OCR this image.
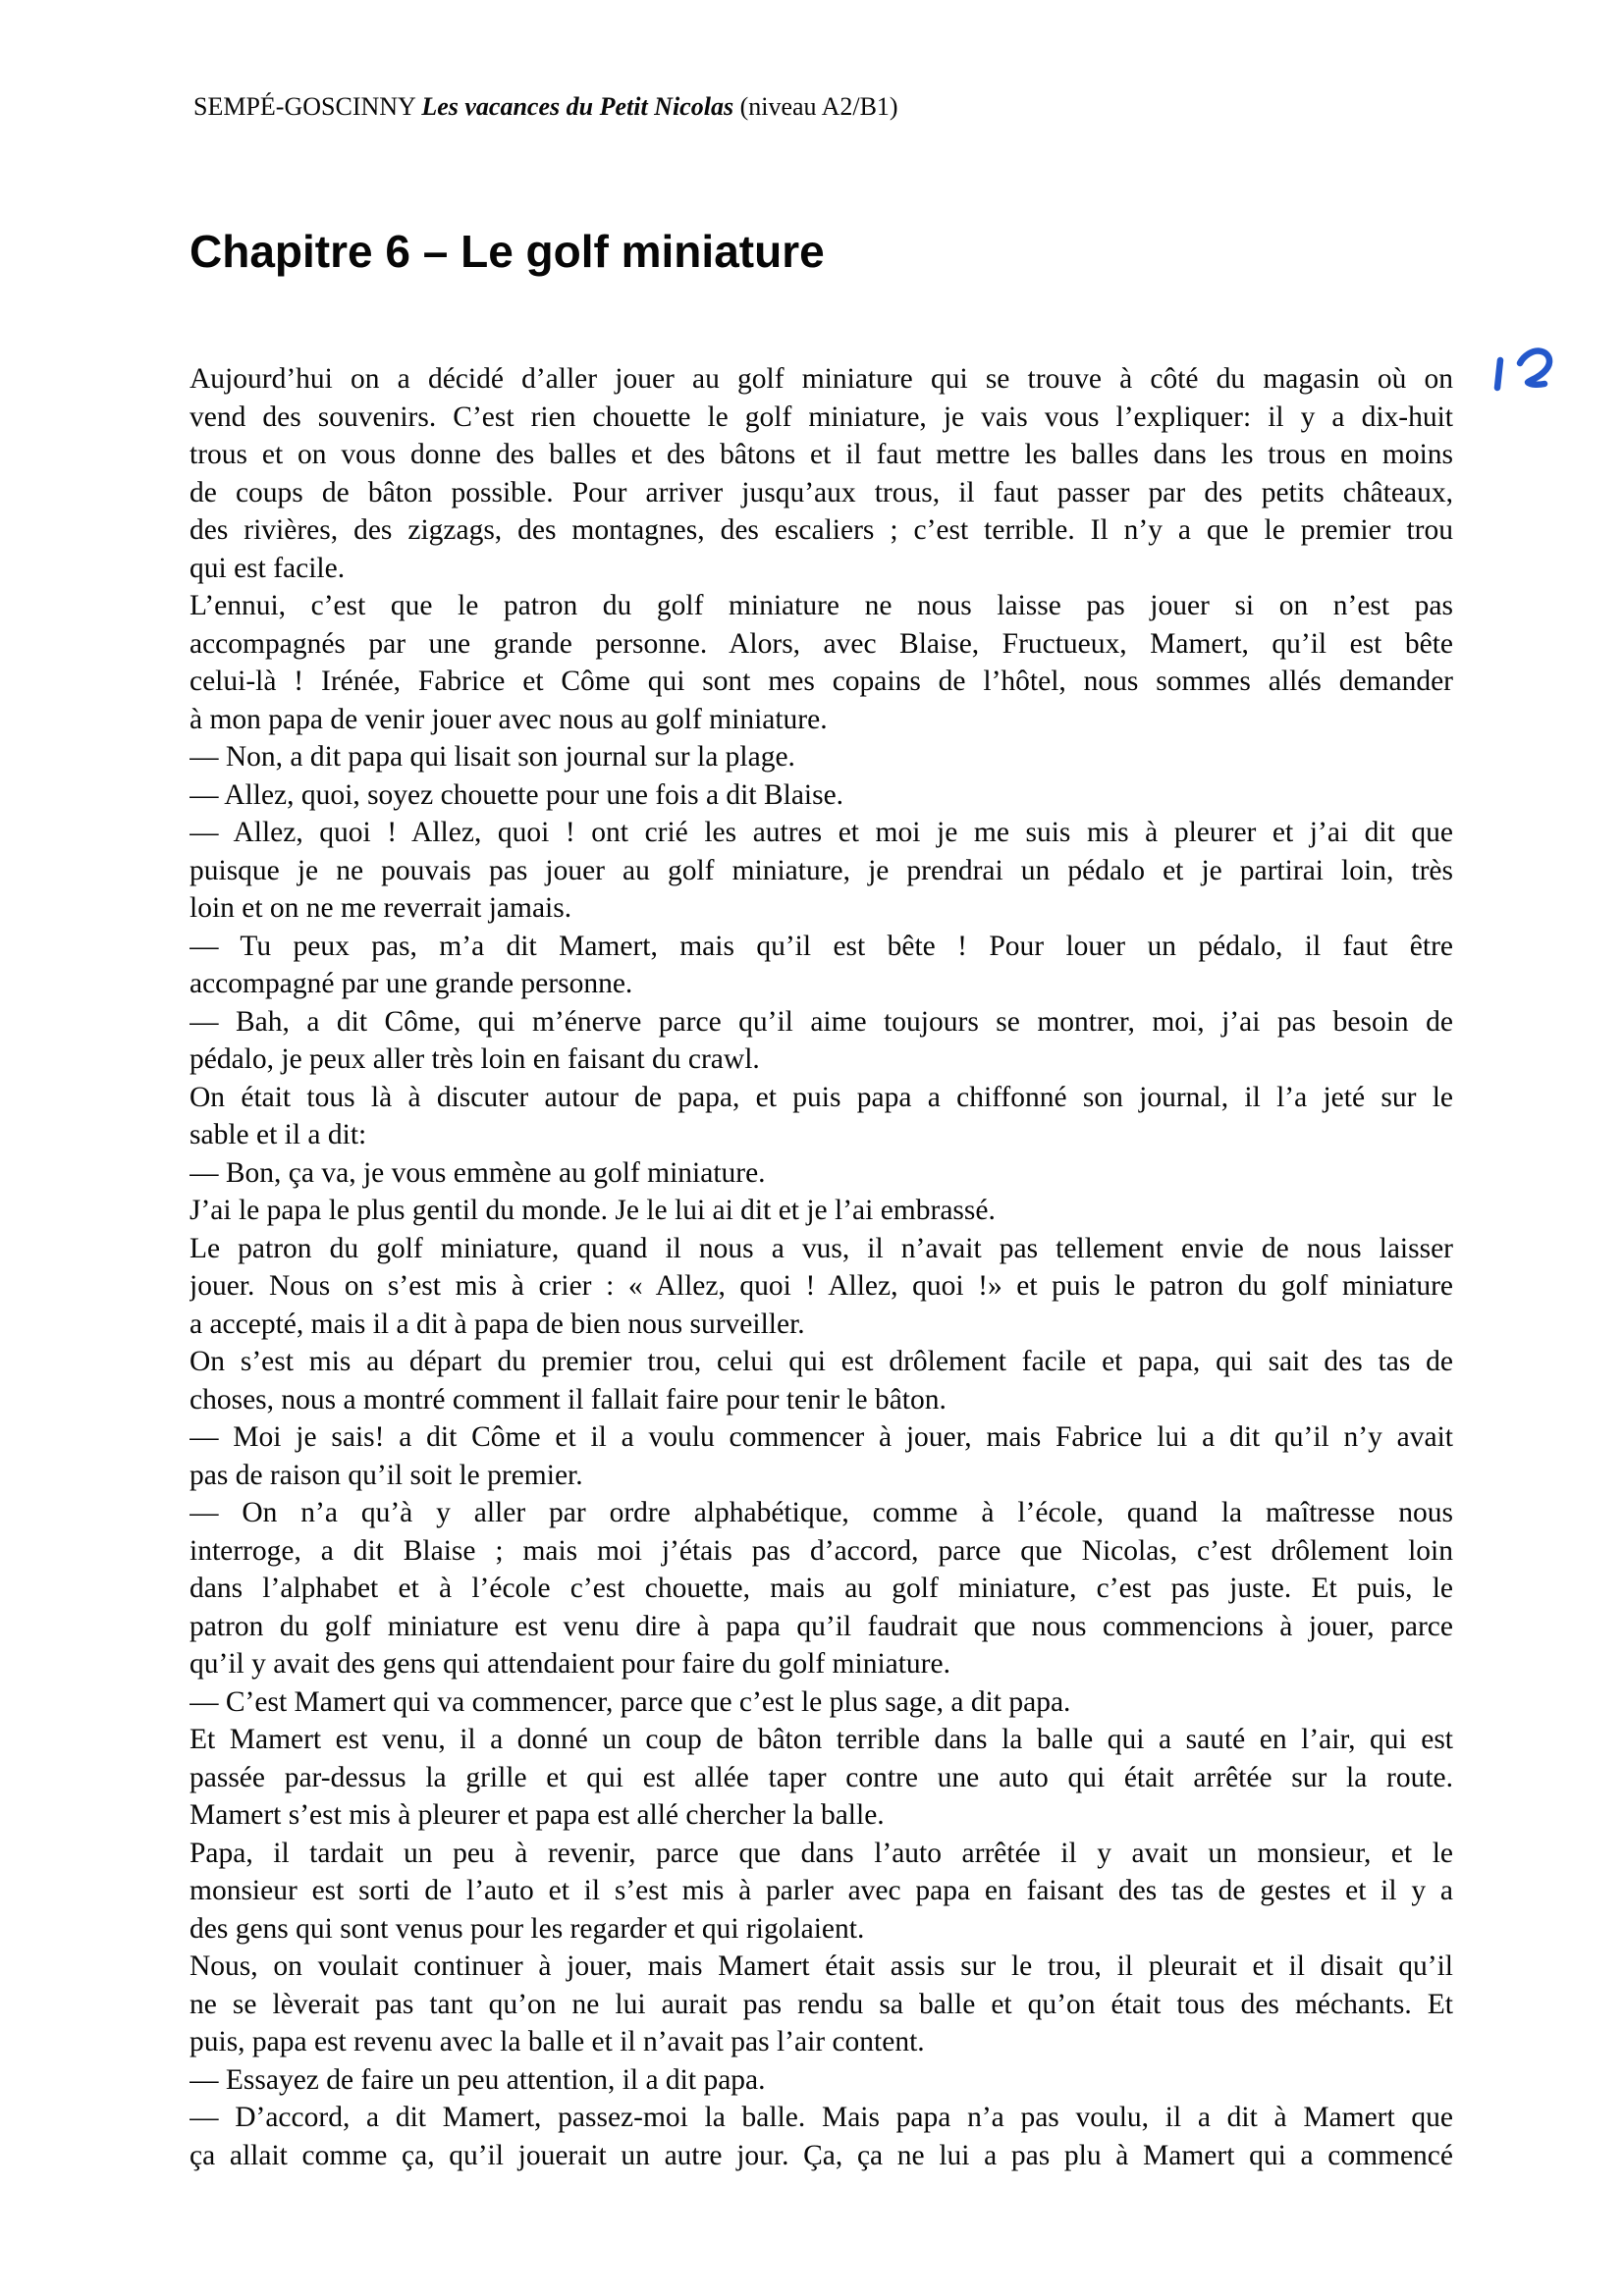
SEMPÉ-GOSCINNY Les vacances du Petit Nicolas (niveau A2/B1)
Chapitre 6 – Le golf miniature
Aujourd’hui on a décidé d’aller jouer au golf miniature qui se trouve à côté du magasin où on
vend des souvenirs. C’est rien chouette le golf miniature, je vais vous l’expliquer: il y a dix-huit
trous et on vous donne des balles et des bâtons et il faut mettre les balles dans les trous en moins
de coups de bâton possible. Pour arriver jusqu’aux trous, il faut passer par des petits châteaux,
des rivières, des zigzags, des montagnes, des escaliers ; c’est terrible. Il n’y a que le premier trou
qui est facile.
L’ennui, c’est que le patron du golf miniature ne nous laisse pas jouer si on n’est pas
accompagnés par une grande personne. Alors, avec Blaise, Fructueux, Mamert, qu’il est bête
celui-là ! Irénée, Fabrice et Côme qui sont mes copains de l’hôtel, nous sommes allés demander
à mon papa de venir jouer avec nous au golf miniature.
— Non, a dit papa qui lisait son journal sur la plage.
— Allez, quoi, soyez chouette pour une fois a dit Blaise.
— Allez, quoi ! Allez, quoi ! ont crié les autres et moi je me suis mis à pleurer et j’ai dit que
puisque je ne pouvais pas jouer au golf miniature, je prendrai un pédalo et je partirai loin, très
loin et on ne me reverrait jamais.
— Tu peux pas, m’a dit Mamert, mais qu’il est bête ! Pour louer un pédalo, il faut être
accompagné par une grande personne.
— Bah, a dit Côme, qui m’énerve parce qu’il aime toujours se montrer, moi, j’ai pas besoin de
pédalo, je peux aller très loin en faisant du crawl.
On était tous là à discuter autour de papa, et puis papa a chiffonné son journal, il l’a jeté sur le
sable et il a dit:
— Bon, ça va, je vous emmène au golf miniature.
J’ai le papa le plus gentil du monde. Je le lui ai dit et je l’ai embrassé.
Le patron du golf miniature, quand il nous a vus, il n’avait pas tellement envie de nous laisser
jouer. Nous on s’est mis à crier : « Allez, quoi ! Allez, quoi !» et puis le patron du golf miniature
a accepté, mais il a dit à papa de bien nous surveiller.
On s’est mis au départ du premier trou, celui qui est drôlement facile et papa, qui sait des tas de
choses, nous a montré comment il fallait faire pour tenir le bâton.
— Moi je sais! a dit Côme et il a voulu commencer à jouer, mais Fabrice lui a dit qu’il n’y avait
pas de raison qu’il soit le premier.
— On n’a qu’à y aller par ordre alphabétique, comme à l’école, quand la maîtresse nous
interroge, a dit Blaise ; mais moi j’étais pas d’accord, parce que Nicolas, c’est drôlement loin
dans l’alphabet et à l’école c’est chouette, mais au golf miniature, c’est pas juste. Et puis, le
patron du golf miniature est venu dire à papa qu’il faudrait que nous commencions à jouer, parce
qu’il y avait des gens qui attendaient pour faire du golf miniature.
— C’est Mamert qui va commencer, parce que c’est le plus sage, a dit papa.
Et Mamert est venu, il a donné un coup de bâton terrible dans la balle qui a sauté en l’air, qui est
passée par-dessus la grille et qui est allée taper contre une auto qui était arrêtée sur la route.
Mamert s’est mis à pleurer et papa est allé chercher la balle.
Papa, il tardait un peu à revenir, parce que dans l’auto arrêtée il y avait un monsieur, et le
monsieur est sorti de l’auto et il s’est mis à parler avec papa en faisant des tas de gestes et il y a
des gens qui sont venus pour les regarder et qui rigolaient.
Nous, on voulait continuer à jouer, mais Mamert était assis sur le trou, il pleurait et il disait qu’il
ne se lèverait pas tant qu’on ne lui aurait pas rendu sa balle et qu’on était tous des méchants. Et
puis, papa est revenu avec la balle et il n’avait pas l’air content.
— Essayez de faire un peu attention, il a dit papa.
— D’accord, a dit Mamert, passez-moi la balle. Mais papa n’a pas voulu, il a dit à Mamert que
ça allait comme ça, qu’il jouerait un autre jour. Ça, ça ne lui a pas plu à Mamert qui a commencé
